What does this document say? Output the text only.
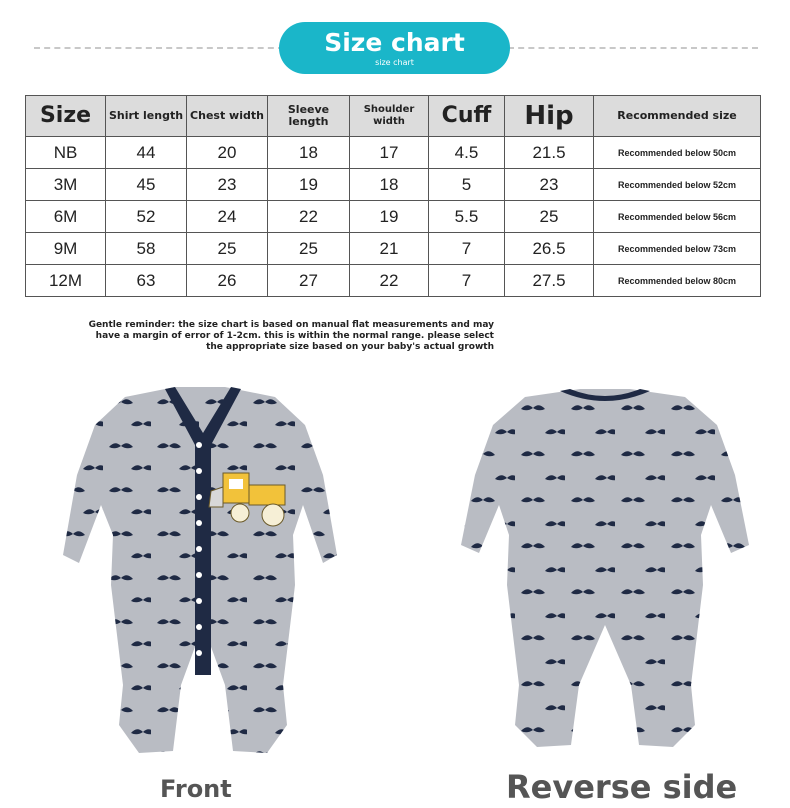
Size chart
size chart
Size	Shirt length	Chest width	Sleeve length	Shoulder width	Cuff	Hip	Recommended size
NB	44	20	18	17	4.5	21.5	Recommended below 50cm
3M	45	23	19	18	5	23	Recommended below 52cm
6M	52	24	22	19	5.5	25	Recommended below 56cm
9M	58	25	25	21	7	26.5	Recommended below 73cm
12M	63	26	27	22	7	27.5	Recommended below 80cm
Gentle reminder: the size chart is based on manual flat measurements and may have a margin of error of 1-2cm. this is within the normal range. please select the appropriate size based on your baby's actual growth
Front	Reverse side
